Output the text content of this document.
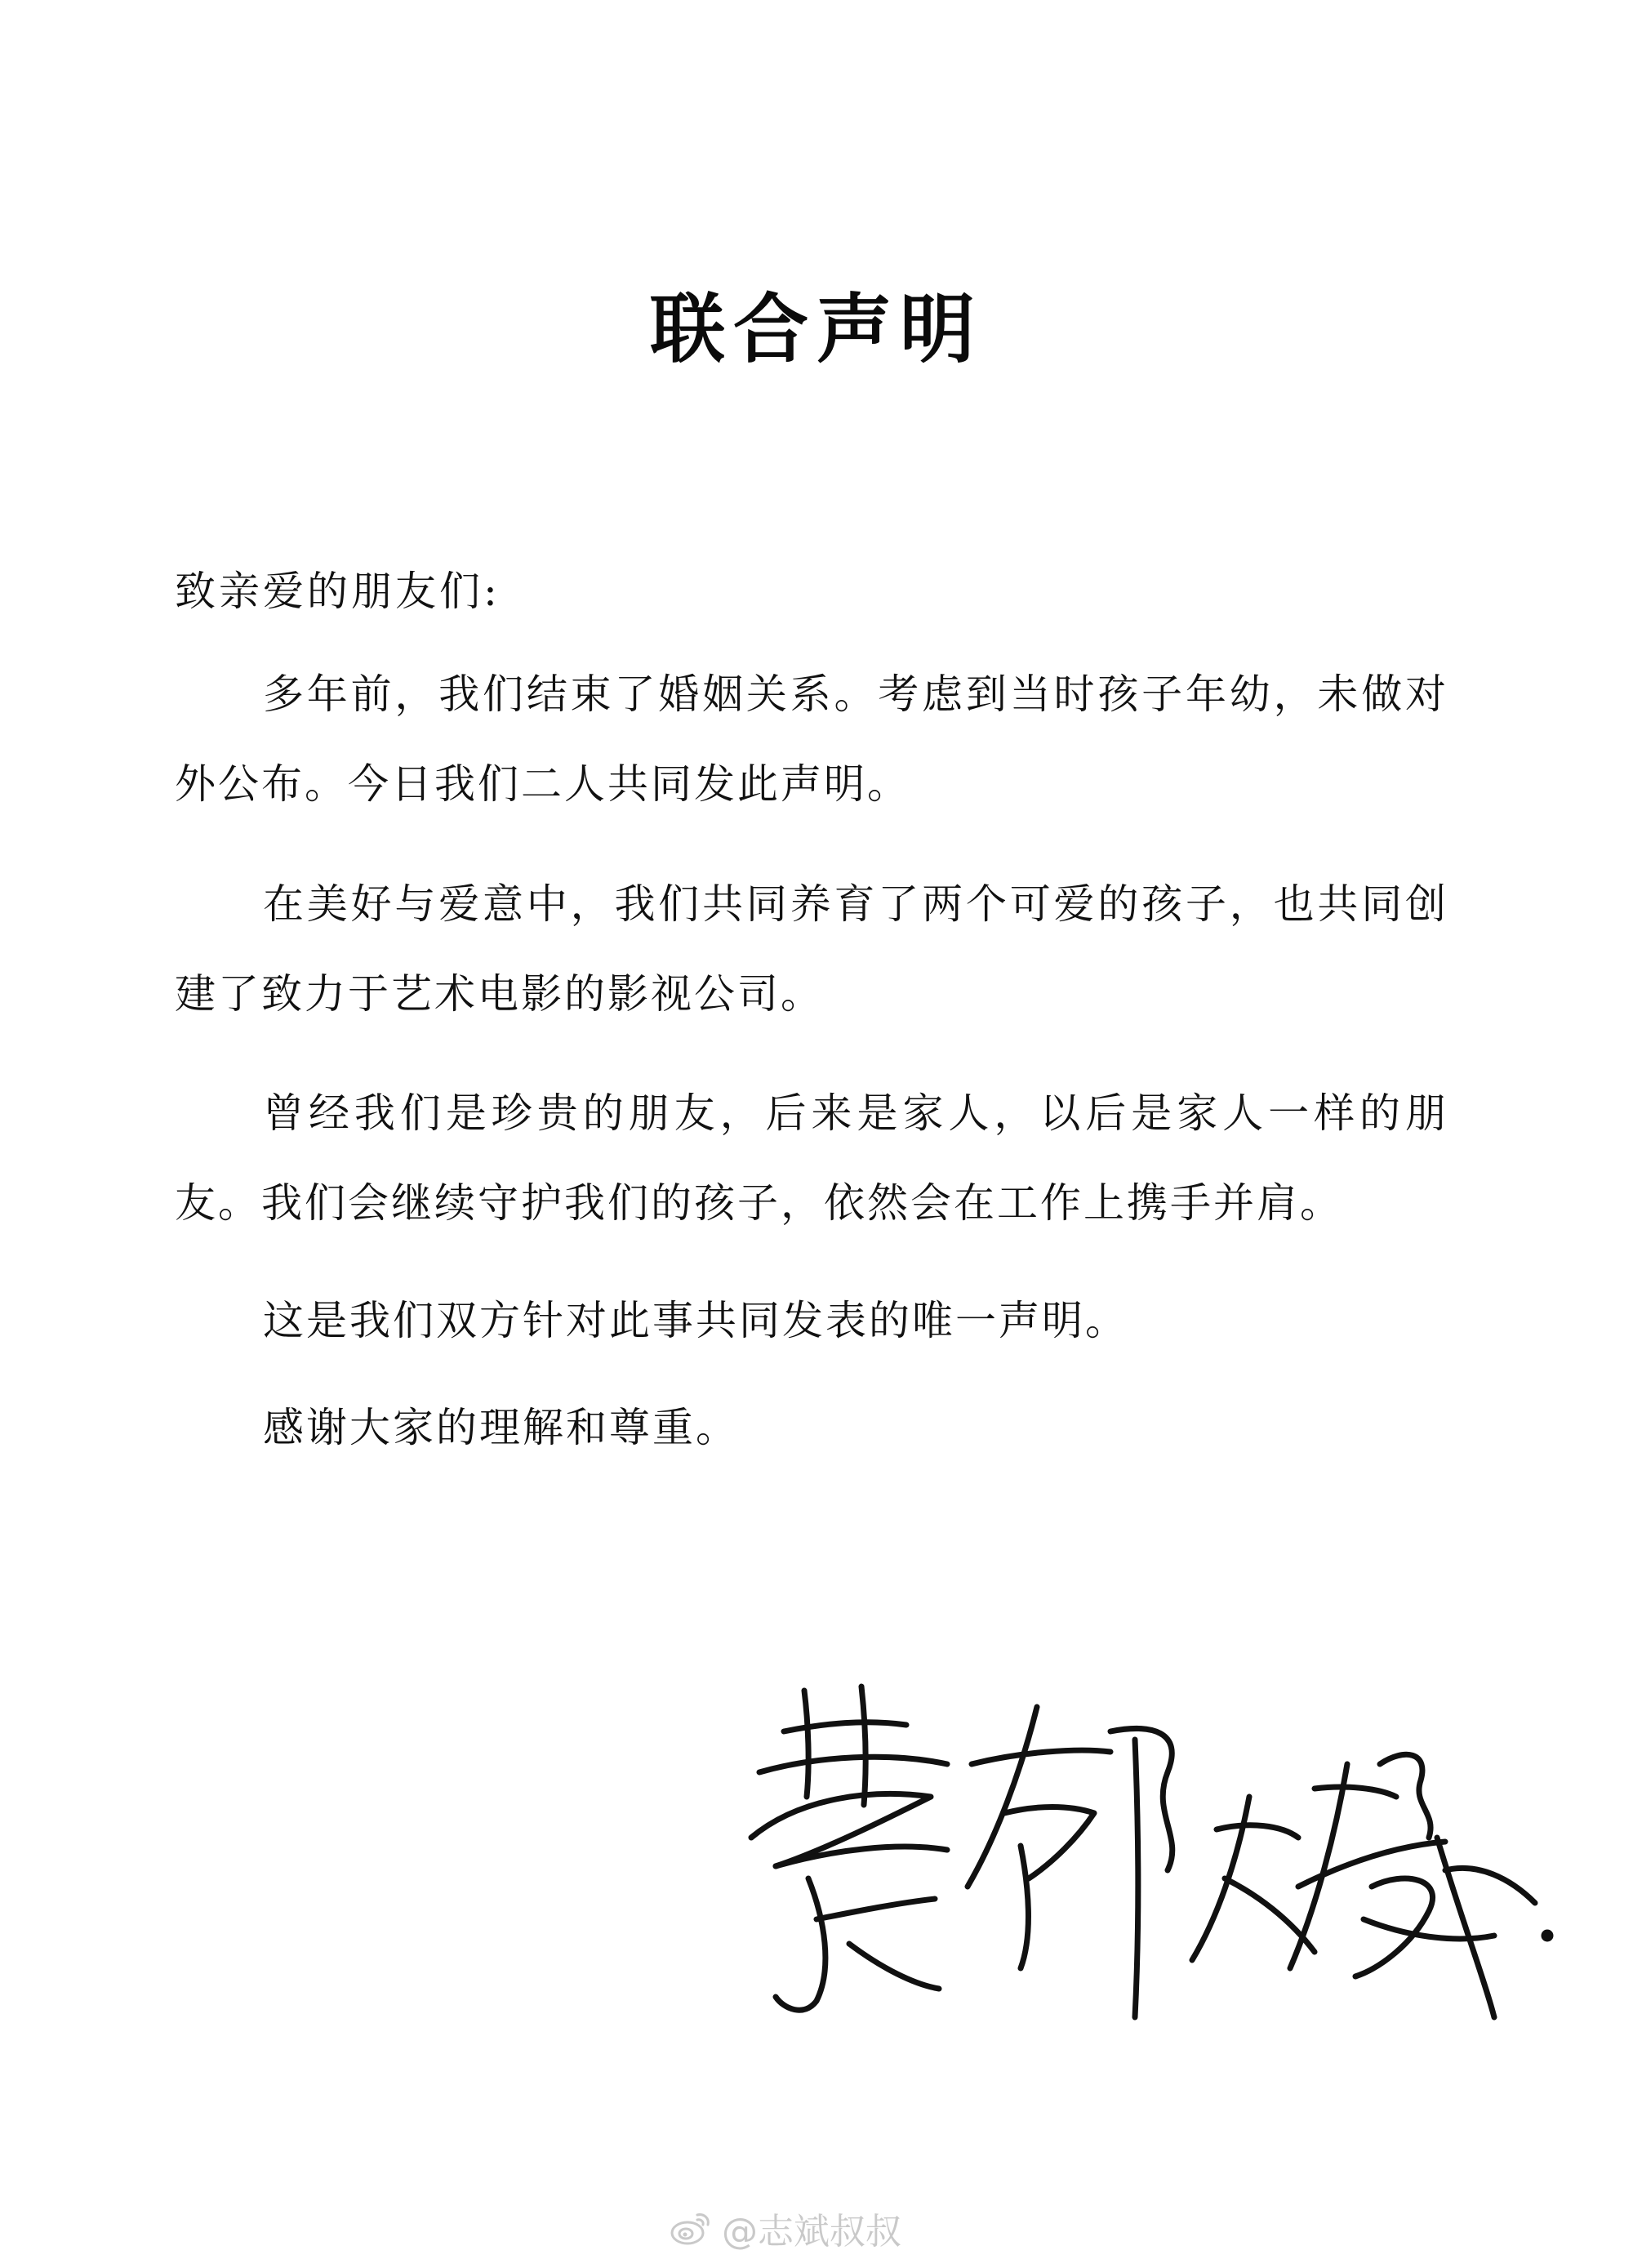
联合声明
致亲爱的朋友们:

多年前，我们结束了婚姻关系。考虑到当时孩子年幼，未做对外公布。今日我们二人共同发此声明。

在美好与爱意中，我们共同养育了两个可爱的孩子，也共同创建了致力于艺术电影的影视公司。

曾经我们是珍贵的朋友，后来是家人，以后是家人一样的朋友。我们会继续守护我们的孩子，依然会在工作上携手并肩。

这是我们双方针对此事共同发表的唯一声明。

感谢大家的理解和尊重。

@志斌叔叔
